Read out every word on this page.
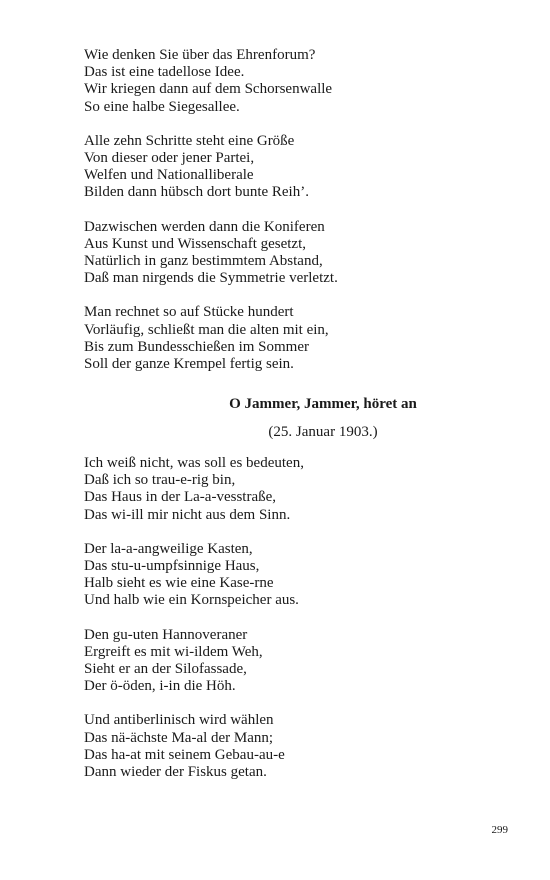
Wie denken Sie über das Ehrenforum?
Das ist eine tadellose Idee.
Wir kriegen dann auf dem Schorsenwalle
So eine halbe Siegesallee.
Alle zehn Schritte steht eine Größe
Von dieser oder jener Partei,
Welfen und Nationalliberale
Bilden dann hübsch dort bunte Reih’.
Dazwischen werden dann die Koniferen
Aus Kunst und Wissenschaft gesetzt,
Natürlich in ganz bestimmtem Abstand,
Daß man nirgends die Symmetrie verletzt.
Man rechnet so auf Stücke hundert
Vorläufig, schließt man die alten mit ein,
Bis zum Bundesschießen im Sommer
Soll der ganze Krempel fertig sein.
O Jammer, Jammer, höret an
(25. Januar 1903.)
Ich weiß nicht, was soll es bedeuten,
Daß ich so trau-e-rig bin,
Das Haus in der La-a-vesstraße,
Das wi-ill mir nicht aus dem Sinn.
Der la-a-angweilige Kasten,
Das stu-u-umpfsinnige Haus,
Halb sieht es wie eine Kase-rne
Und halb wie ein Kornspeicher aus.
Den gu-uten Hannoveraner
Ergreift es mit wi-ildem Weh,
Sieht er an der Silofassade,
Der ö-öden, i-in die Höh.
Und antiberlinisch wird wählen
Das nä-ächste Ma-al der Mann;
Das ha-at mit seinem Gebau-au-e
Dann wieder der Fiskus getan.
299
